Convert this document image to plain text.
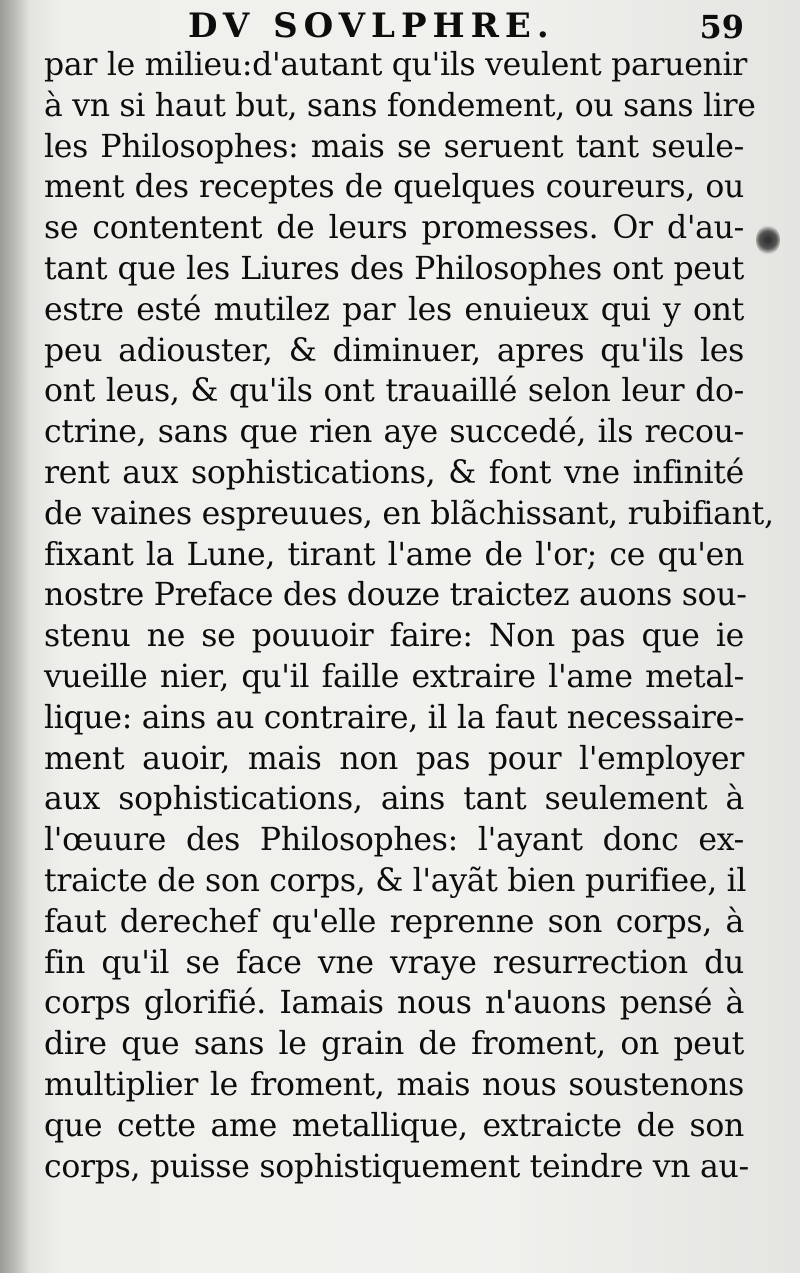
DV SOVLPHRE.	59
par le milieu:d'autant qu'ils veulent paruenir
à vn si haut but, sans fondement, ou sans lire
les Philosophes: mais se seruent tant seule-
ment des receptes de quelques coureurs, ou
se contentent de leurs promesses. Or d'au-
tant que les Liures des Philosophes ont peut
estre esté mutilez par les enuieux qui y ont
peu adiouster, & diminuer, apres qu'ils les
ont leus, & qu'ils ont trauaillé selon leur do-
ctrine, sans que rien aye succedé, ils recou-
rent aux sophistications, & font vne infinité
de vaines espreuues, en blãchissant, rubifiant,
fixant la Lune, tirant l'ame de l'or; ce qu'en
nostre Preface des douze traictez auons sou-
stenu ne se pouuoir faire: Non pas que ie
vueille nier, qu'il faille extraire l'ame metal-
lique: ains au contraire, il la faut necessaire-
ment auoir, mais non pas pour l'employer
aux sophistications, ains tant seulement à
l'œuure des Philosophes: l'ayant donc ex-
traicte de son corps, & l'ayãt bien purifiee, il
faut derechef qu'elle reprenne son corps, à
fin qu'il se face vne vraye resurrection du
corps glorifié. Iamais nous n'auons pensé à
dire que sans le grain de froment, on peut
multiplier le froment, mais nous soustenons
que cette ame metallique, extraicte de son
corps, puisse sophistiquement teindre vn au-
